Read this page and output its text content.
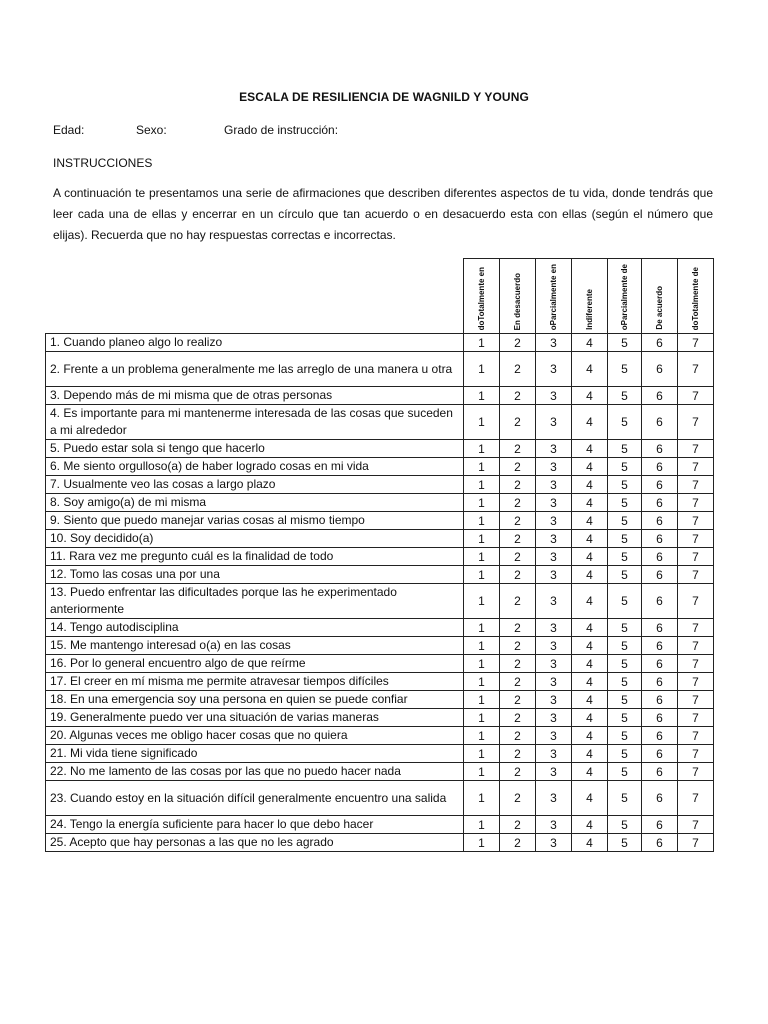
ESCALA DE RESILIENCIA DE WAGNILD Y YOUNG
Edad:	Sexo:	Grado de instrucción:
INSTRUCCIONES
A continuación te presentamos una serie de afirmaciones que describen diferentes aspectos de tu vida, donde tendrás que leer cada una de ellas y encerrar en un círculo que tan acuerdo o en desacuerdo esta con ellas (según el número que elijas). Recuerda que no hay respuestas correctas e incorrectas.

	doTotalmente en	En desacuerdo	oParcialmente en	Indiferente	oParcialmente de	De acuerdo	doTotalmente de

1. Cuando planeo algo lo realizo	1	2	3	4	5	6	7
2. Frente a un problema generalmente me las arreglo de una manera u otra	1	2	3	4	5	6	7
3. Dependo más de mi misma que de otras personas	1	2	3	4	5	6	7
4. Es importante para mi mantenerme interesada de las cosas que suceden a mi alrededor	1	2	3	4	5	6	7
5. Puedo estar sola si tengo que hacerlo	1	2	3	4	5	6	7
6. Me siento orgulloso(a) de haber logrado cosas en mi vida	1	2	3	4	5	6	7
7. Usualmente veo las cosas a largo plazo	1	2	3	4	5	6	7
8. Soy amigo(a) de mi misma	1	2	3	4	5	6	7
9. Siento que puedo manejar varias cosas al mismo tiempo	1	2	3	4	5	6	7
10. Soy decidido(a)	1	2	3	4	5	6	7
11. Rara vez me pregunto cuál es la finalidad de todo	1	2	3	4	5	6	7
12. Tomo las cosas una por una	1	2	3	4	5	6	7
13. Puedo enfrentar las dificultades porque las he experimentado anteriormente	1	2	3	4	5	6	7
14. Tengo autodisciplina	1	2	3	4	5	6	7
15. Me mantengo interesad o(a) en las cosas	1	2	3	4	5	6	7
16. Por lo general encuentro algo de que reírme	1	2	3	4	5	6	7
17. El creer en mí misma me permite atravesar tiempos difíciles	1	2	3	4	5	6	7
18. En una emergencia soy una persona en quien se puede confiar	1	2	3	4	5	6	7
19. Generalmente puedo ver una situación de varias maneras	1	2	3	4	5	6	7
20. Algunas veces me obligo hacer cosas que no quiera	1	2	3	4	5	6	7
21. Mi vida tiene significado	1	2	3	4	5	6	7
22. No me lamento de las cosas por las que no puedo hacer nada	1	2	3	4	5	6	7
23. Cuando estoy en la situación difícil generalmente encuentro una salida	1	2	3	4	5	6	7
24. Tengo la energía suficiente para hacer lo que debo hacer	1	2	3	4	5	6	7
25. Acepto que hay personas a las que no les agrado	1	2	3	4	5	6	7
